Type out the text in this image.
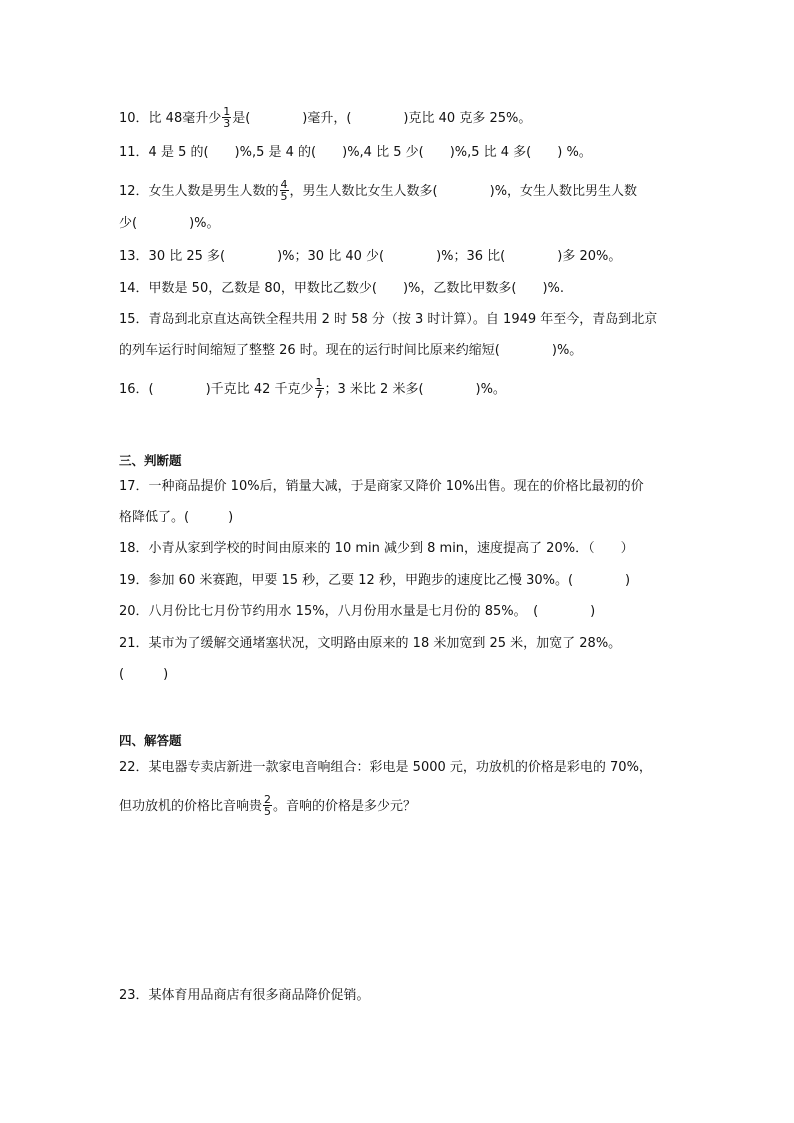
10．比 48毫升少 $\frac{1}{3}$ 是(　　　　)毫升，(　　　　)克比 40 克多 25%。
11．4 是 5 的(　　)%,5 是 4 的(　　)%,4 比 5 少(　　)%,5 比 4 多(　　) %。
12．女生人数是男生人数的 $\frac{4}{5}$ ，男生人数比女生人数多(　　　　)%，女生人数比男生人数
少(　　　　)%。
13．30 比 25 多(　　　　)%；30 比 40 少(　　　　)%；36 比(　　　　)多 20%。
14．甲数是 50，乙数是 80，甲数比乙数少(　　)%，乙数比甲数多(　　)%.
15．青岛到北京直达高铁全程共用 2 时 58 分（按 3 时计算）。自 1949 年至今，青岛到北京
的列车运行时间缩短了整整 26 时。现在的运行时间比原来约缩短(　　　　)%。
16．(　　　　)千克比 42 千克少 $\frac{1}{7}$ ；3 米比 2 米多(　　　　)%。
三、判断题
17．一种商品提价 10%后，销量大减，于是商家又降价 10%出售。现在的价格比最初的价
格降低了。(　　　)
18．小青从家到学校的时间由原来的 10 min 减少到 8 min，速度提高了 20%．（　　）
19．参加 60 米赛跑，甲要 15 秒，乙要 12 秒，甲跑步的速度比乙慢 30%。(　　　　)
20．八月份比七月份节约用水 15%，八月份用水量是七月份的 85%。　(　　　　)
21．某市为了缓解交通堵塞状况，文明路由原来的 18 米加宽到 25 米，加宽了 28%。
(　　　)
四、解答题
22．某电器专卖店新进一款家电音响组合：彩电是 5000 元，功放机的价格是彩电的 70%，
但功放机的价格比音响贵 $\frac{2}{5}$ 。音响的价格是多少元？
23．某体育用品商店有很多商品降价促销。
